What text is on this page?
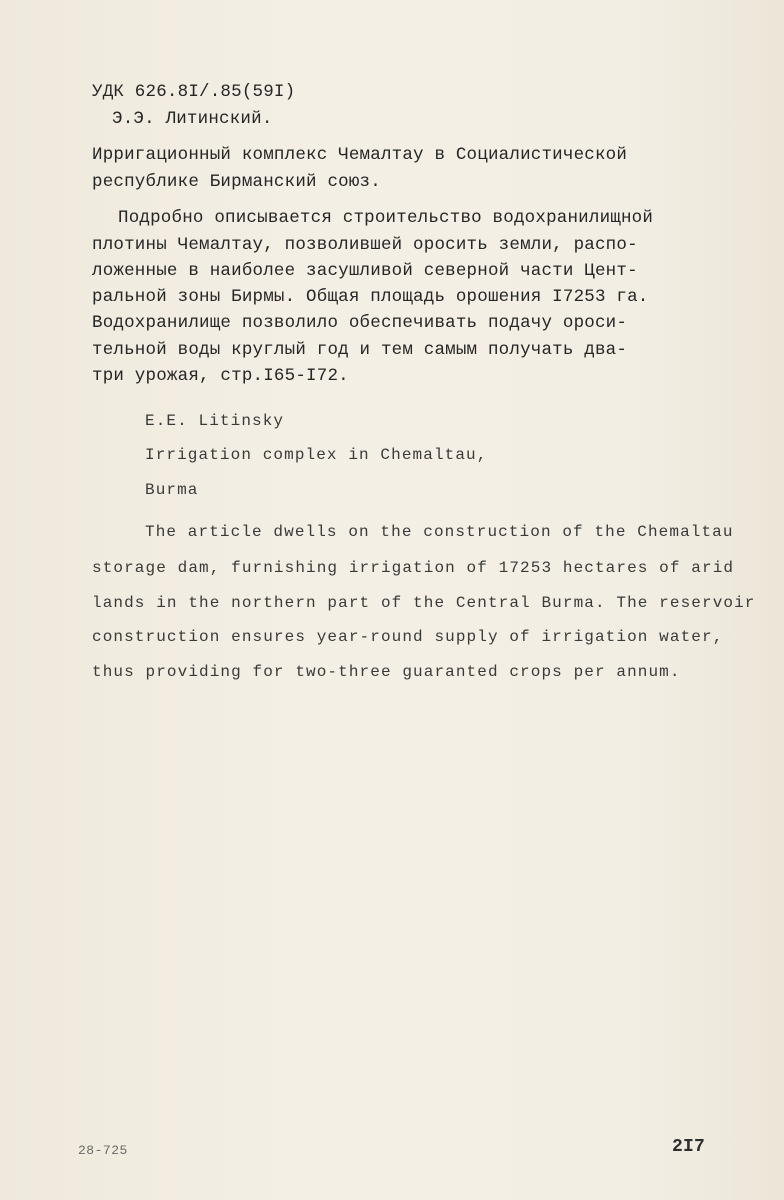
УДК 626.8I/.85(59I)
Э.Э. Литинский.
Ирригационный комплекс Чемалтау в Социалистической
республике Бирманский союз.
Подробно описывается строительство водохранилищной
плотины Чемалтау, позволившей оросить земли, распо-
ложенные в наиболее засушливой северной части Цент-
ральной зоны Бирмы. Общая площадь орошения I7253 га.
Водохранилище позволило обеспечивать подачу ороси-
тельной воды круглый год и тем самым получать два-
три урожая, стр.I65-I72.
E.E. Litinsky
Irrigation complex in Chemaltau,
Burma
The article dwells on the construction of the Chemaltau
storage dam, furnishing irrigation of 17253 hectares of arid
lands in the northern part of the Central Burma. The reservoir
construction ensures year-round supply of irrigation water,
thus providing for two-three guaranted crops per annum.
28-725	2I7
